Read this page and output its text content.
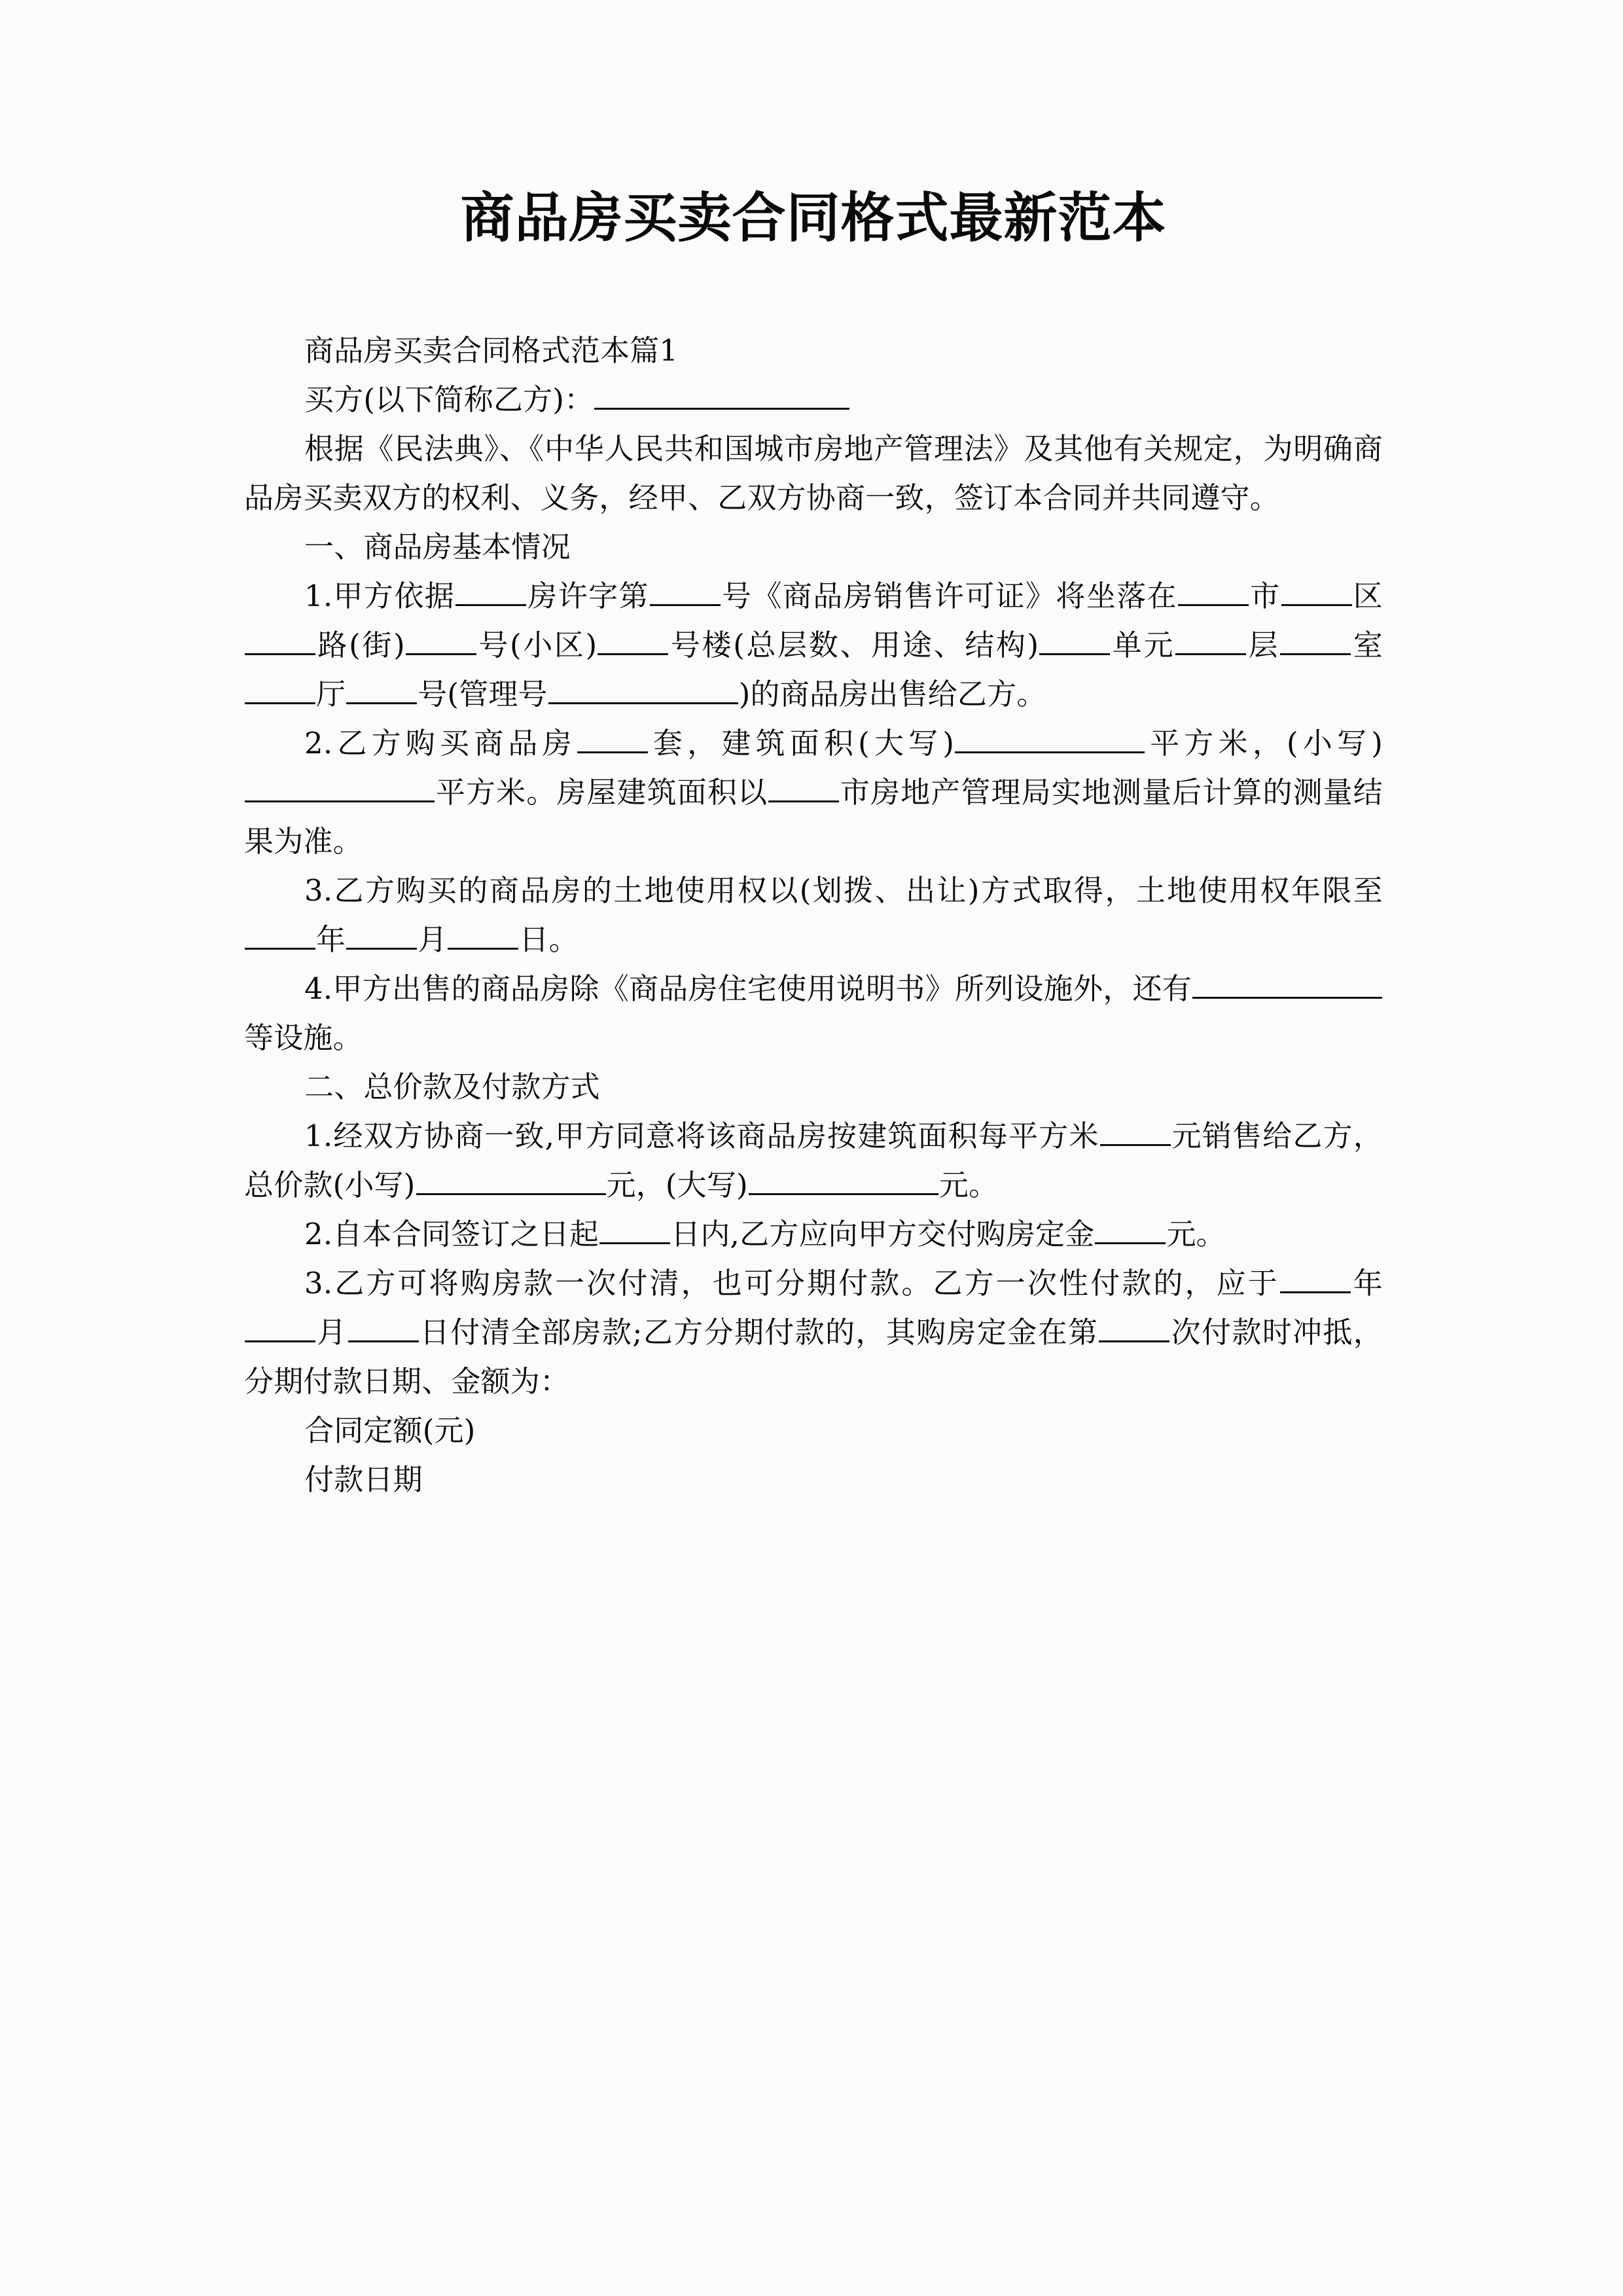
商品房买卖合同格式最新范本

商品房买卖合同格式范本篇1

买方(以下简称乙方)：

根据《民法典》、《中华人民共和国城市房地产管理法》及其他有关规定，为明确商品房买卖双方的权利、义务，经甲、乙双方协商一致，签订本合同并共同遵守。

一、商品房基本情况

1.甲方依据 房许字第 号《商品房销售许可证》将坐落在 市 区路(街) 号(小区) 号楼(总层数、用途、结构) 单元 层 室厅 号(管理号	)的商品房出售给乙方。

2.乙方购买商品房 套，建筑面积(大写)	平方米，(小写)平方米。房屋建筑面积以 市房地产管理局实地测量后计算的测量结果为准。

3.乙方购买的商品房的土地使用权以(划拨、出让)方式取得，土地使用权年限至年 月 日。

4.甲方出售的商品房除《商品房住宅使用说明书》所列设施外，还有等设施。

二、总价款及付款方式

1.经双方协商一致,甲方同意将该商品房按建筑面积每平方米 元销售给乙方，总价款(小写)	元，(大写)	元。

2.自本合同签订之日起 日内,乙方应向甲方交付购房定金 元。

3.乙方可将购房款一次付清，也可分期付款。乙方一次性付款的，应于 年月 日付清全部房款;乙方分期付款的，其购房定金在第 次付款时冲抵，分期付款日期、金额为：

合同定额(元)

付款日期
